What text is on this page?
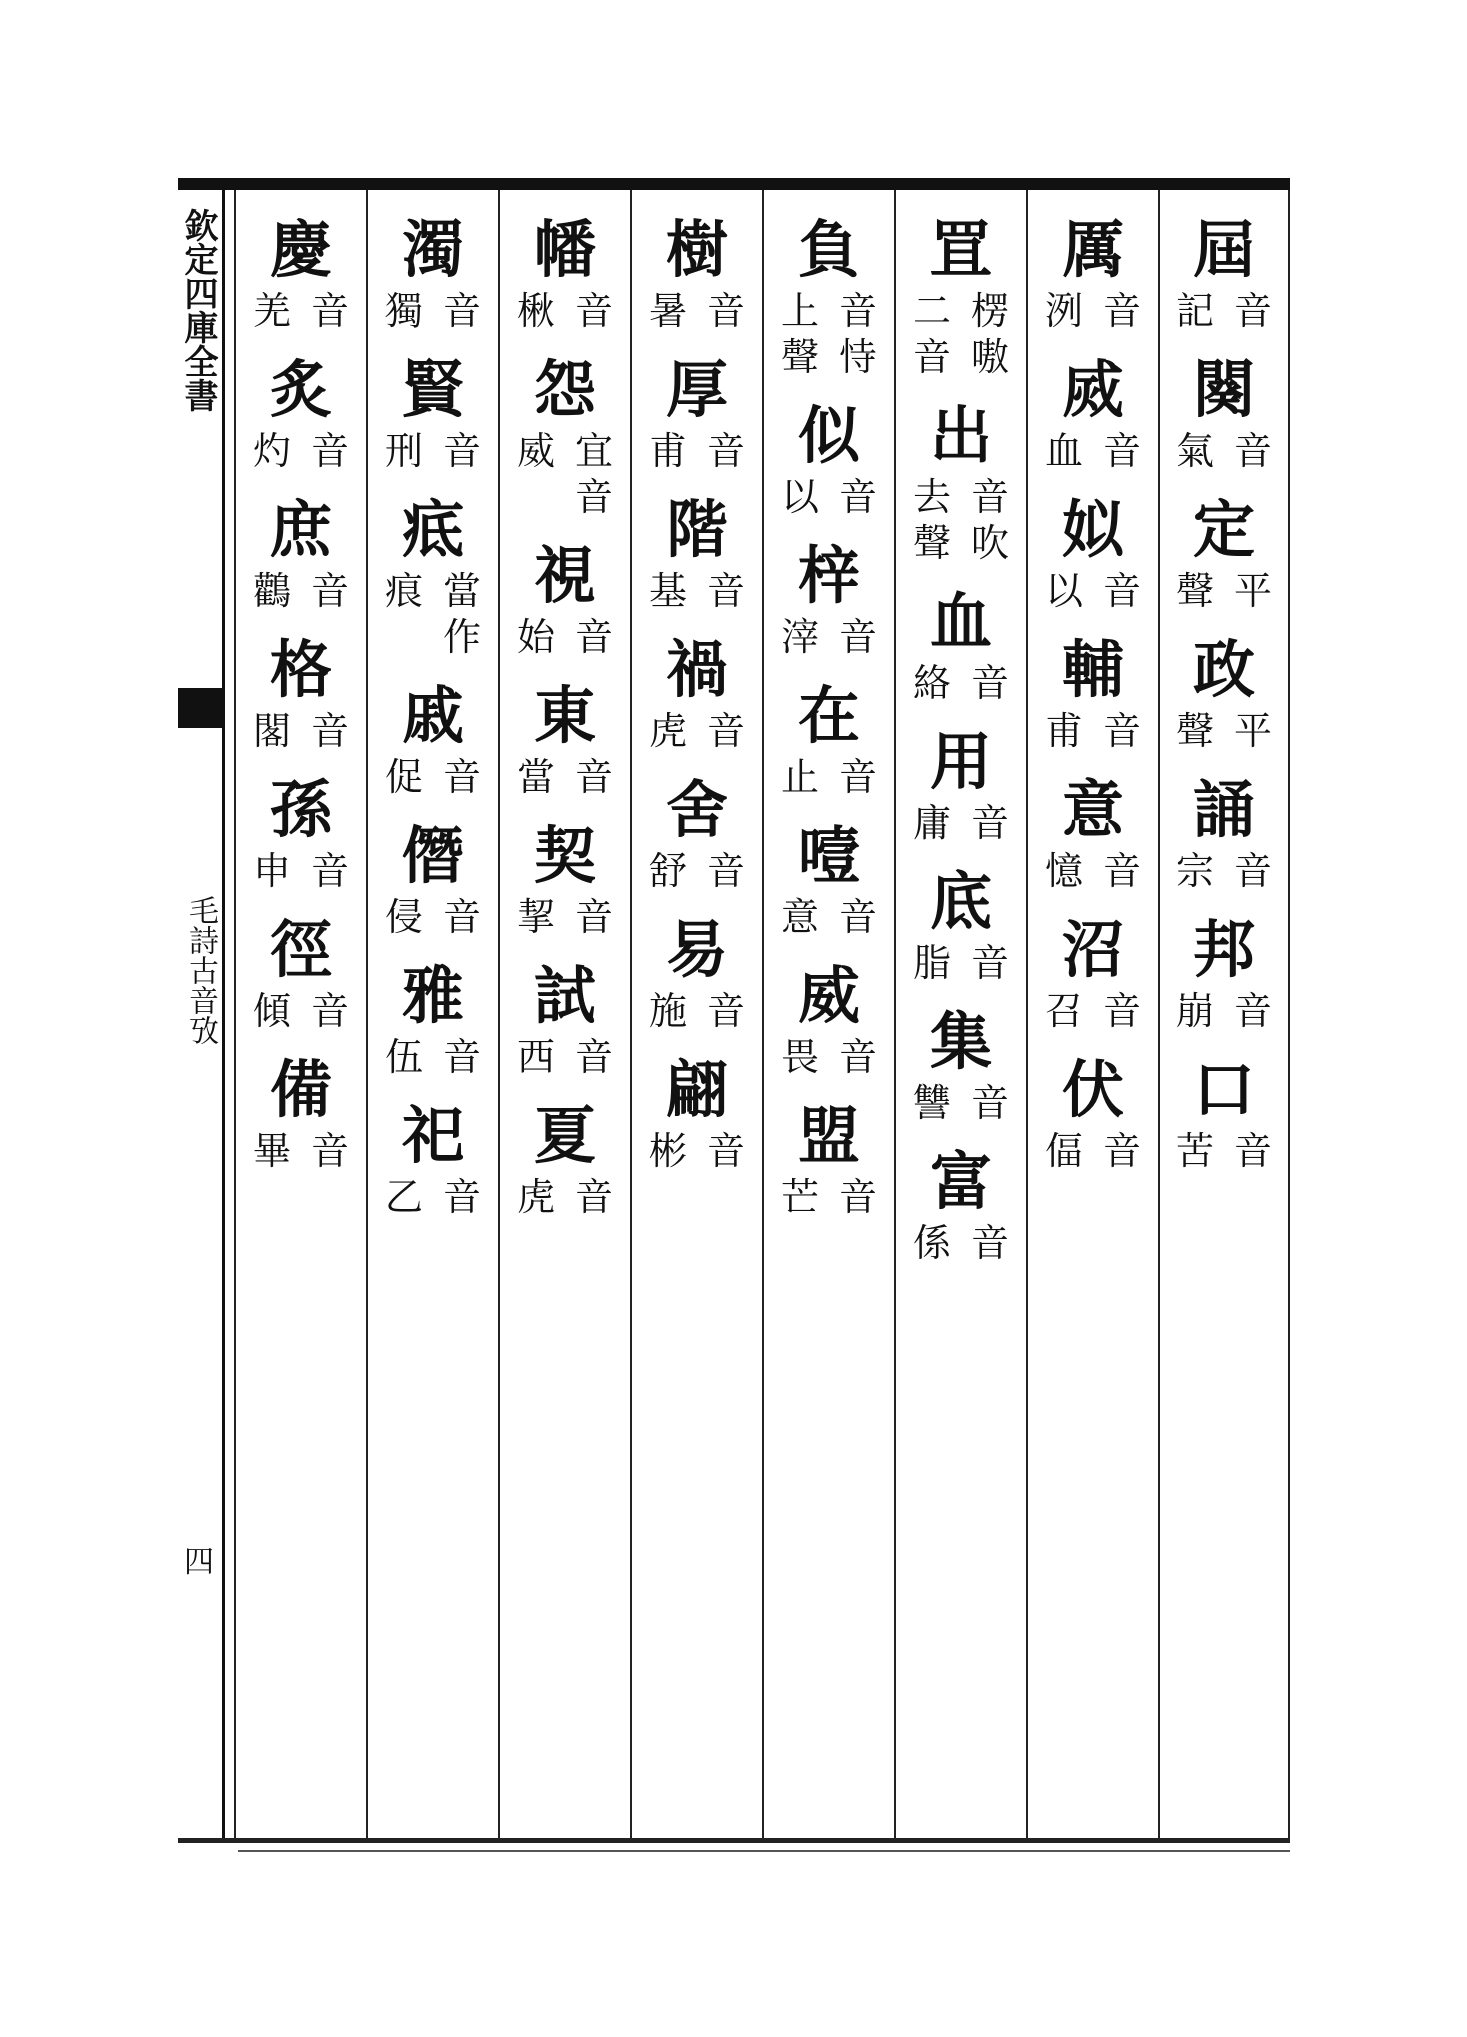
欽定四庫全書
毛詩古音攷
四
屆
音
記
闋
音
氣
定
平
聲
政
平
聲
誦
音
宗
邦
音
崩
口
音
苦
厲
音
洌
烕
音
血
姒
音
以
輔
音
甫
意
音
憶
沼
音
召
伏
音
偪
罝
楞
嗷
二
音
出
音
吹
去
聲
血
音
絡
用
音
庸
底
音
脂
集
音
讐
富
音
係
負
音
恃
上
聲
似
音
以
梓
音
滓
在
音
止
噎
音
意
威
音
畏
盟
音
芒
樹
音
暑
厚
音
甫
階
音
基
禍
音
虎
舍
音
舒
易
音
施
翩
音
彬
幡
音
楸
怨
宜
音
威
視
音
始
東
音
當
契
音
挈
試
音
西
夏
音
虎
濁
音
獨
賢
音
刑
疷
當
作
痕
戚
音
促
僭
音
侵
雅
音
伍
祀
音
乙
慶
音
羌
炙
音
灼
庶
音
鸛
格
音
閣
孫
音
申
徑
音
傾
備
音
畢
